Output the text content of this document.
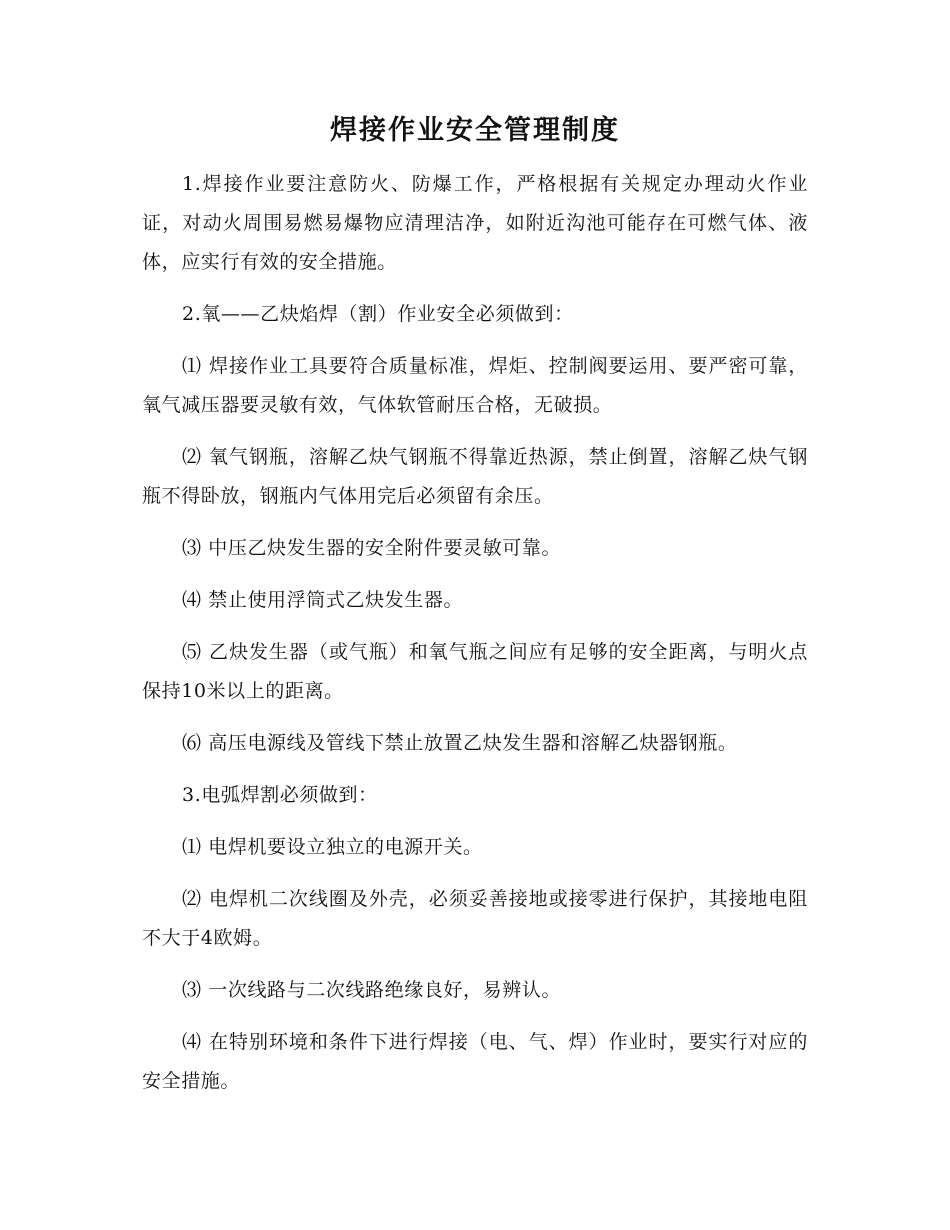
焊接作业安全管理制度

1.焊接作业要注意防火、防爆工作，严格根据有关规定办理动火作业证，对动火周围易燃易爆物应清理洁净，如附近沟池可能存在可燃气体、液体，应实行有效的安全措施。

2.氧——乙炔焰焊（割）作业安全必须做到：

⑴ 焊接作业工具要符合质量标准，焊炬、控制阀要运用、要严密可靠，氧气减压器要灵敏有效，气体软管耐压合格，无破损。

⑵ 氧气钢瓶，溶解乙炔气钢瓶不得靠近热源，禁止倒置，溶解乙炔气钢瓶不得卧放，钢瓶内气体用完后必须留有余压。

⑶ 中压乙炔发生器的安全附件要灵敏可靠。

⑷ 禁止使用浮筒式乙炔发生器。

⑸ 乙炔发生器（或气瓶）和氧气瓶之间应有足够的安全距离，与明火点保持10米以上的距离。

⑹ 高压电源线及管线下禁止放置乙炔发生器和溶解乙炔器钢瓶。

3.电弧焊割必须做到：

⑴ 电焊机要设立独立的电源开关。

⑵ 电焊机二次线圈及外壳，必须妥善接地或接零进行保护，其接地电阻不大于4欧姆。

⑶ 一次线路与二次线路绝缘良好，易辨认。

⑷ 在特别环境和条件下进行焊接（电、气、焊）作业时，要实行对应的安全措施。
